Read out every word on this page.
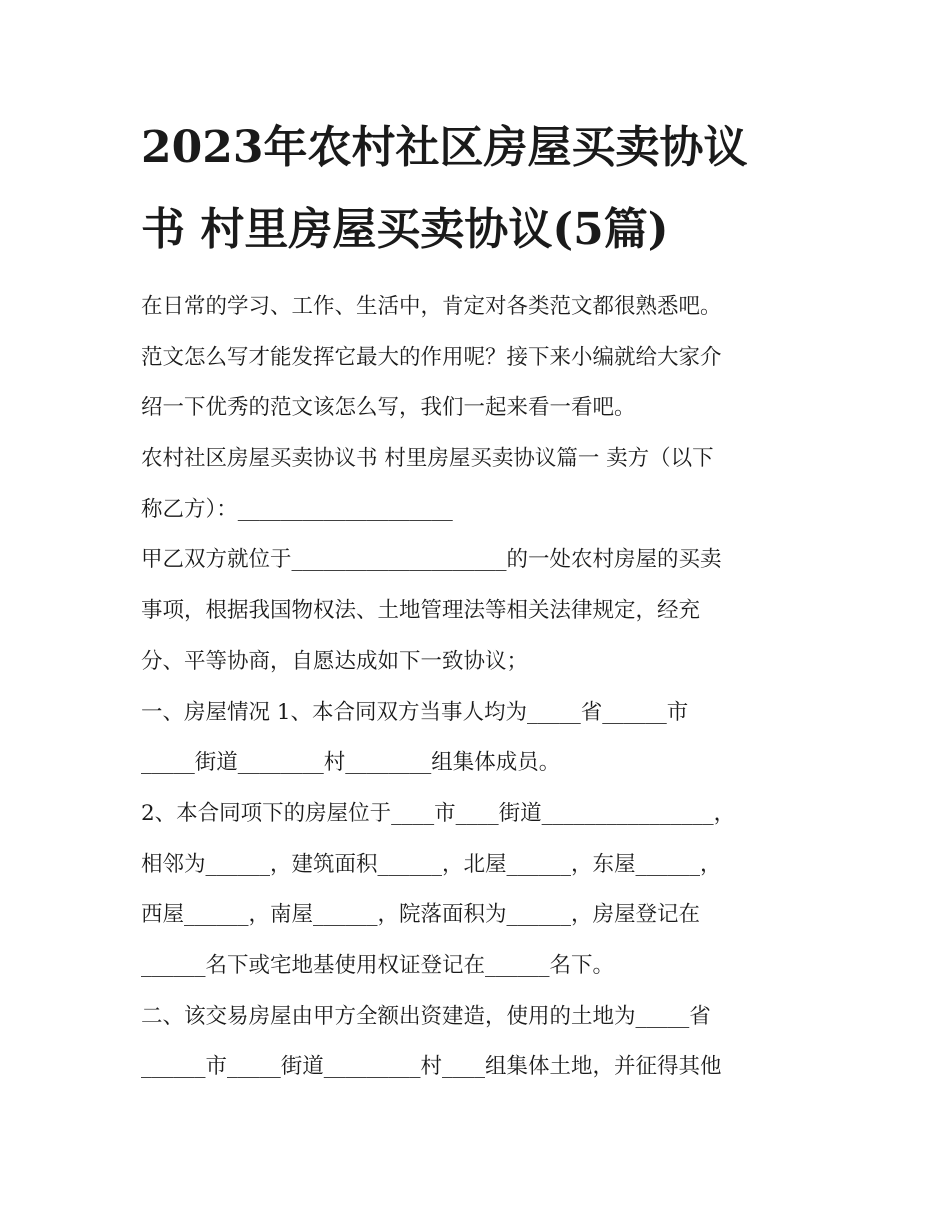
2023年农村社区房屋买卖协议
书 村里房屋买卖协议(5篇)
在日常的学习、工作、生活中，肯定对各类范文都很熟悉吧。
范文怎么写才能发挥它最大的作用呢？接下来小编就给大家介
绍一下优秀的范文该怎么写，我们一起来看一看吧。
农村社区房屋买卖协议书 村里房屋买卖协议篇一 卖方（以下
称乙方）：____________________
甲乙双方就位于____________________的一处农村房屋的买卖
事项，根据我国物权法、土地管理法等相关法律规定，经充
分、平等协商，自愿达成如下一致协议；
一、房屋情况 1、本合同双方当事人均为_____省______市
_____街道________村________组集体成员。
2、本合同项下的房屋位于____市____街道________________，
相邻为______，建筑面积______，北屋______，东屋______，
西屋______，南屋______，院落面积为______，房屋登记在
______名下或宅地基使用权证登记在______名下。
二、该交易房屋由甲方全额出资建造，使用的土地为_____省
______市_____街道_________村____组集体土地，并征得其他
